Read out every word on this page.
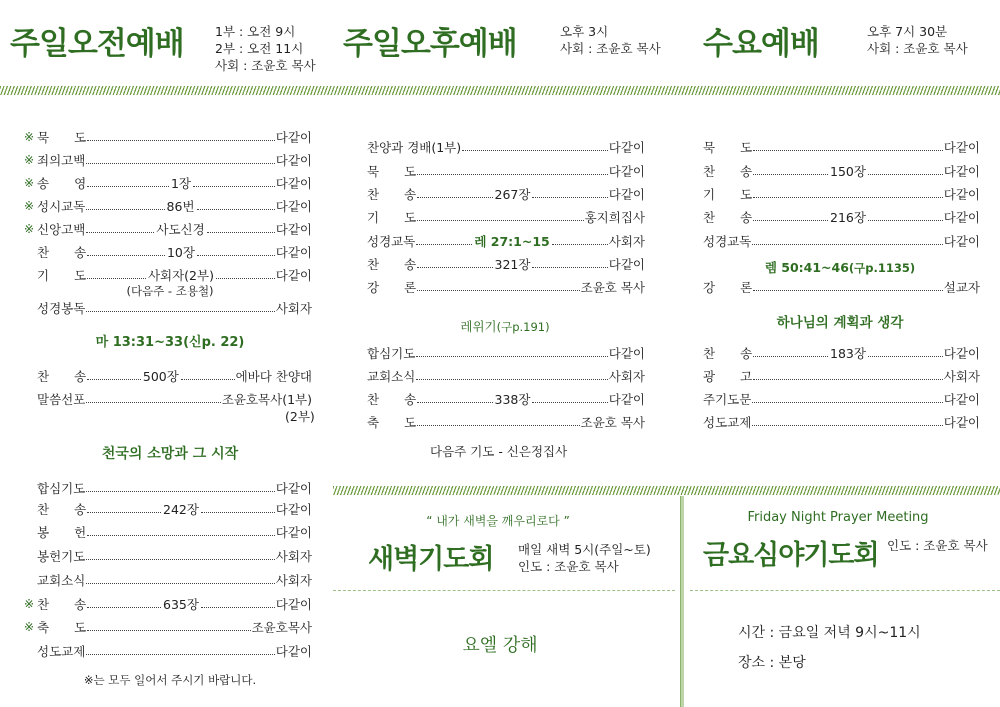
주일오전예배	1부 : 오전 9시
2부 : 오전 11시
사회 : 조윤호 목사
주일오후예배	오후 3시
사회 : 조윤호 목사 수요예배	오후 7시 30분
사회 : 조윤호 목사
※ 묵　　도	다같이
※ 죄의고백	다같이
※ 송　　영	1장	다같이
※ 성시교독	86번	다같이
※ 신앙고백	사도신경	다같이
찬　　송	10장	다같이
기　　도	사회자(2부)	다같이
성경봉독	사회자
찬　　송	500장	에바다 찬양대
말씀선포	조윤호목사(1부)
합심기도	다같이
찬　　송	242장	다같이
봉　　헌	다같이
봉헌기도	사회자
교회소식	사회자
※ 찬　　송	635장	다같이
※ 축　　도	조윤호목사
성도교제	다같이
(다음주 - 조용철)
마 13:31~33(신p. 22)
(2부)
천국의 소망과 그 시작
※는 모두 일어서 주시기 바랍니다.
찬양과 경배(1부)	다같이
묵　　도	다같이
찬　　송	267장	다같이
기　　도	홍지희집사
성경교독	레 27:1~15	사회자
찬　　송	321장	다같이
강　　론	조윤호 목사
합심기도	다같이
교회소식	사회자
찬　　송	338장	다같이
축　　도	조윤호 목사
레위기(구p.191)
다음주 기도 - 신은정집사
묵　　도	다같이
찬　　송	150장	다같이
기　　도	다같이
찬　　송	216장	다같이
성경교독	다같이
강　　론	설교자
찬　　송	183장	다같이
광　　고	사회자
주기도문	다같이
성도교제	다같이
렘 50:41~46(구p.1135)
하나님의 계획과 생각
“ 내가 새벽을 깨우리로다 ”
새벽기도회 매일 새벽 5시(주일~토)
인도 : 조윤호 목사
요엘 강해
Friday Night Prayer Meeting
금요심야기도회 인도 : 조윤호 목사
시간 : 금요일 저녁 9시~11시
장소 : 본당
